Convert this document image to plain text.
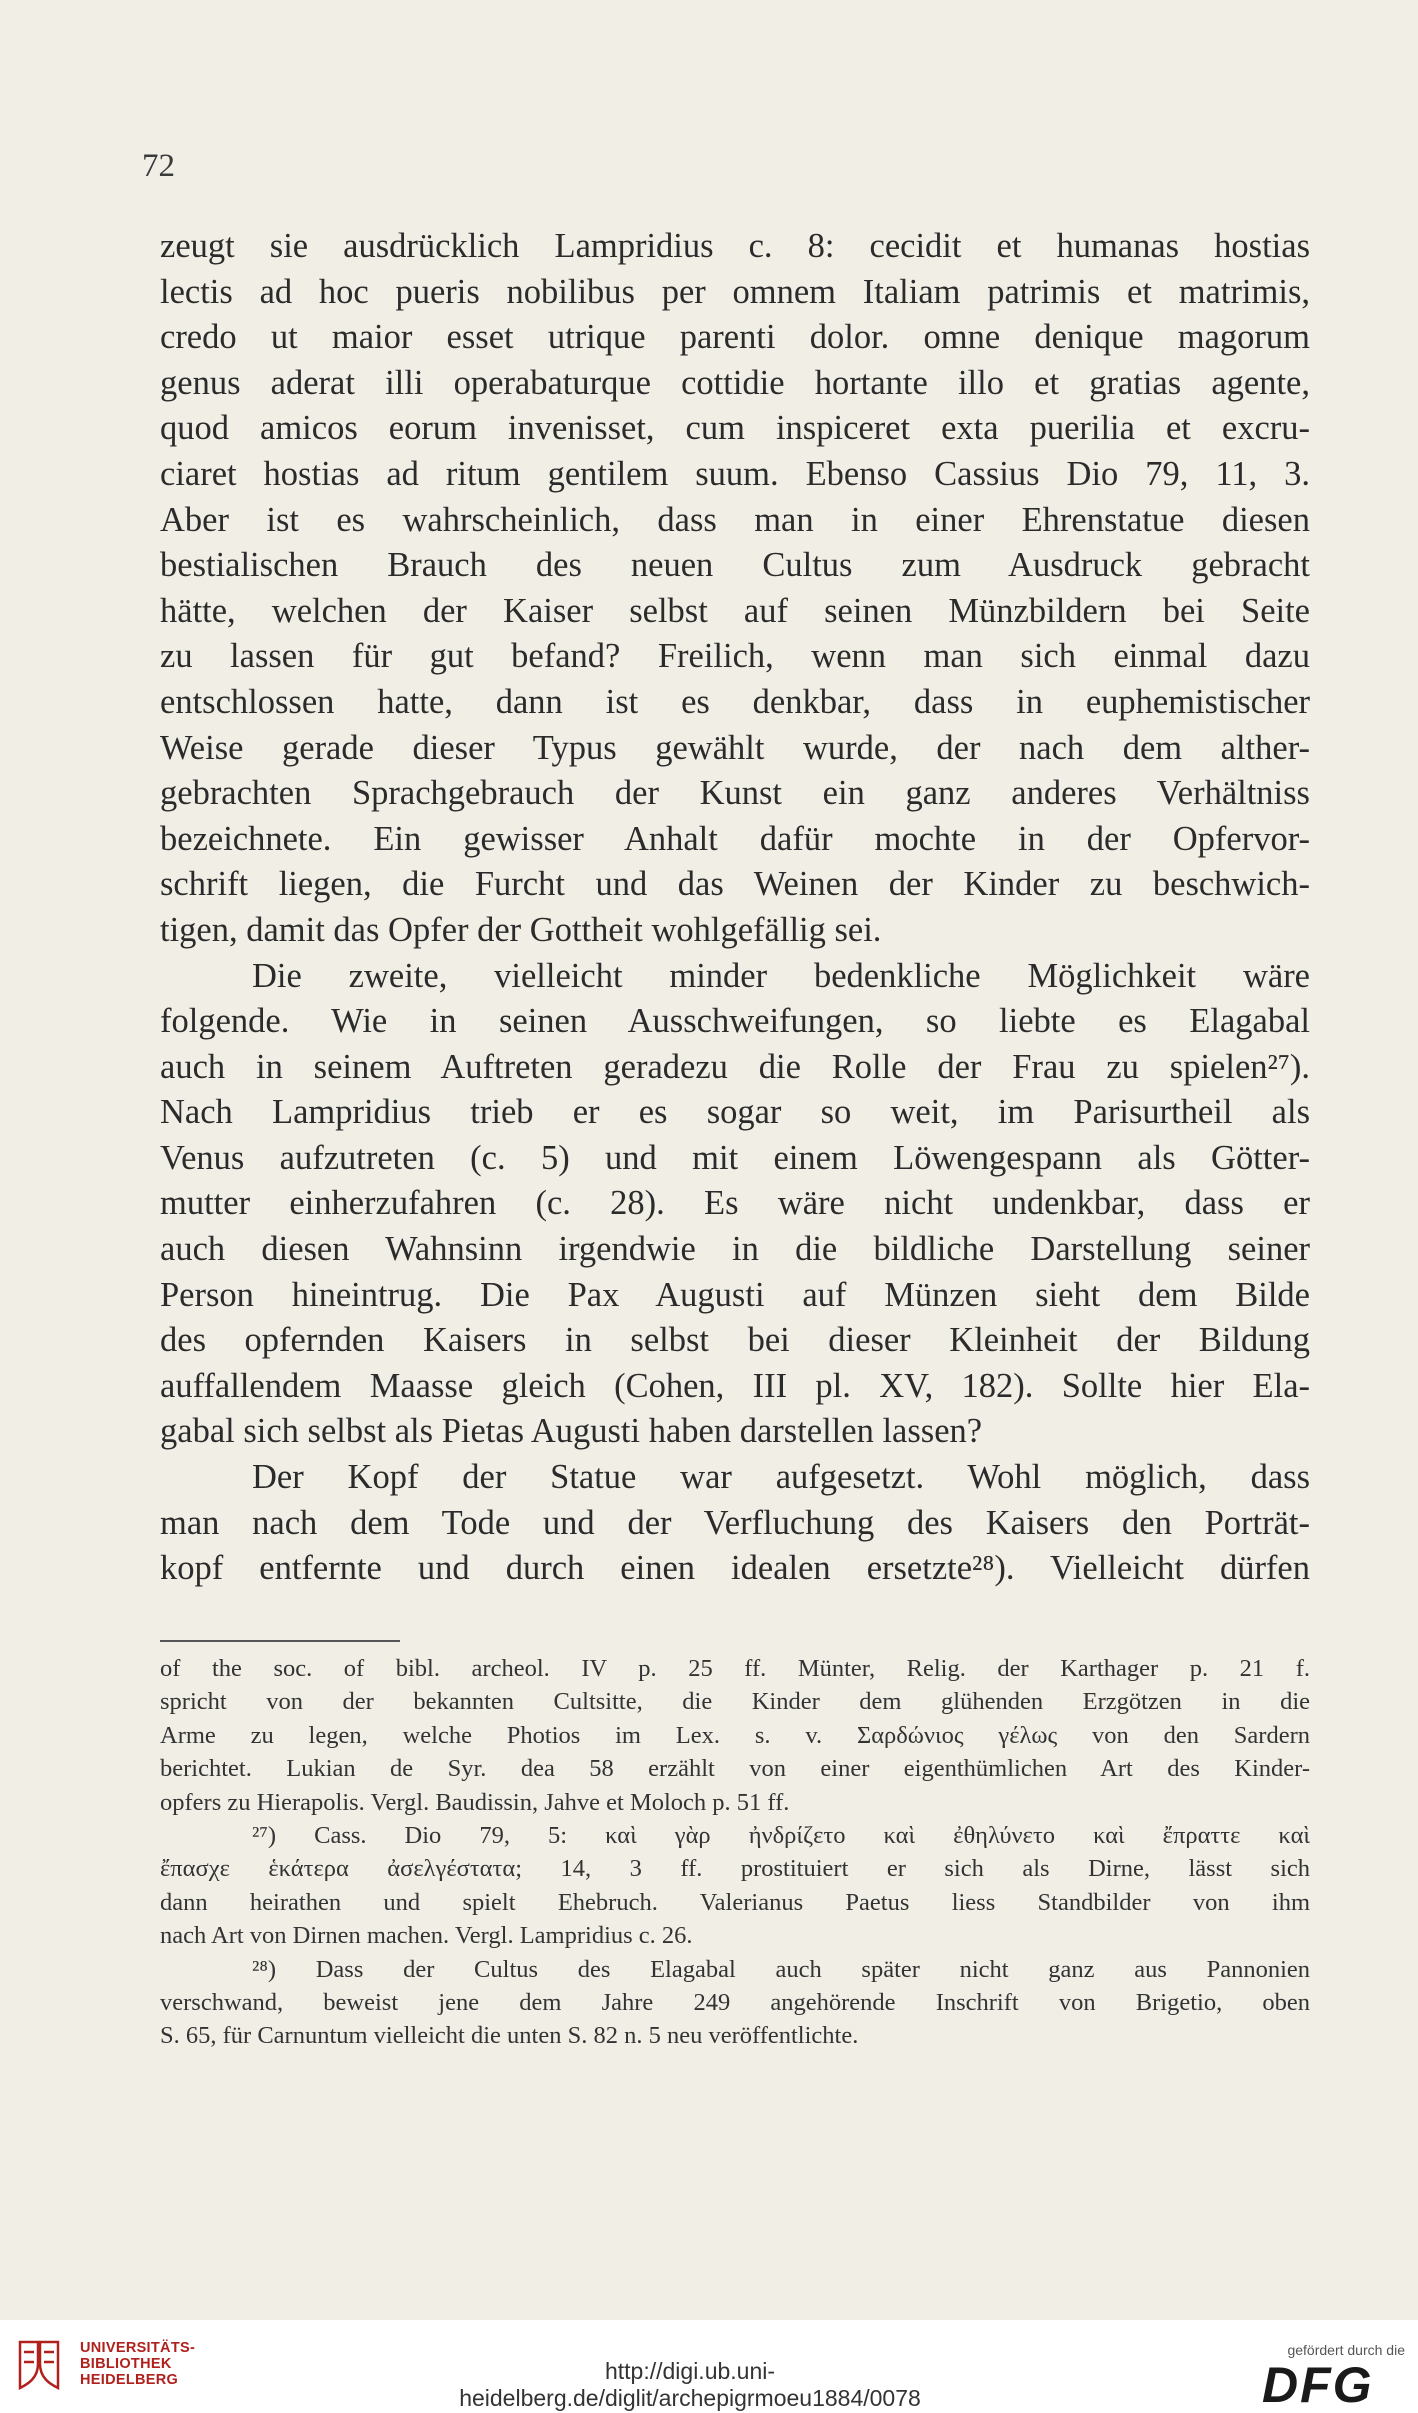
72
zeugt sie ausdrücklich Lampridius c. 8: cecidit et humanas hostias
lectis ad hoc pueris nobilibus per omnem Italiam patrimis et matrimis,
credo ut maior esset utrique parenti dolor. omne denique magorum
genus aderat illi operabaturque cottidie hortante illo et gratias agente,
quod amicos eorum invenisset, cum inspiceret exta puerilia et excru-
ciaret hostias ad ritum gentilem suum. Ebenso Cassius Dio 79, 11, 3.
Aber ist es wahrscheinlich, dass man in einer Ehrenstatue diesen
bestialischen Brauch des neuen Cultus zum Ausdruck gebracht
hätte, welchen der Kaiser selbst auf seinen Münzbildern bei Seite
zu lassen für gut befand? Freilich, wenn man sich einmal dazu
entschlossen hatte, dann ist es denkbar, dass in euphemistischer
Weise gerade dieser Typus gewählt wurde, der nach dem alther-
gebrachten Sprachgebrauch der Kunst ein ganz anderes Verhältniss
bezeichnete. Ein gewisser Anhalt dafür mochte in der Opfervor-
schrift liegen, die Furcht und das Weinen der Kinder zu beschwich-
tigen, damit das Opfer der Gottheit wohlgefällig sei.
Die zweite, vielleicht minder bedenkliche Möglichkeit wäre
folgende. Wie in seinen Ausschweifungen, so liebte es Elagabal
auch in seinem Auftreten geradezu die Rolle der Frau zu spielen²⁷).
Nach Lampridius trieb er es sogar so weit, im Parisurtheil als
Venus aufzutreten (c. 5) und mit einem Löwengespann als Götter-
mutter einherzufahren (c. 28). Es wäre nicht undenkbar, dass er
auch diesen Wahnsinn irgendwie in die bildliche Darstellung seiner
Person hineintrug. Die Pax Augusti auf Münzen sieht dem Bilde
des opfernden Kaisers in selbst bei dieser Kleinheit der Bildung
auffallendem Maasse gleich (Cohen, III pl. XV, 182). Sollte hier Ela-
gabal sich selbst als Pietas Augusti haben darstellen lassen?
Der Kopf der Statue war aufgesetzt. Wohl möglich, dass
man nach dem Tode und der Verfluchung des Kaisers den Porträt-
kopf entfernte und durch einen idealen ersetzte²⁸). Vielleicht dürfen
of the soc. of bibl. archeol. IV p. 25 ff. Münter, Relig. der Karthager p. 21 f.
spricht von der bekannten Cultsitte, die Kinder dem glühenden Erzgötzen in die
Arme zu legen, welche Photios im Lex. s. v. Σαρδώνιος γέλως von den Sardern
berichtet. Lukian de Syr. dea 58 erzählt von einer eigenthümlichen Art des Kinder-
opfers zu Hierapolis. Vergl. Baudissin, Jahve et Moloch p. 51 ff.
²⁷) Cass. Dio 79, 5: καὶ γὰρ ἠνδρίζετο καὶ ἐθηλύνετο καὶ ἔπραττε καὶ
ἔπασχε ἑκάτερα ἀσελγέστατα; 14, 3 ff. prostituiert er sich als Dirne, lässt sich
dann heirathen und spielt Ehebruch. Valerianus Paetus liess Standbilder von ihm
nach Art von Dirnen machen. Vergl. Lampridius c. 26.
²⁸) Dass der Cultus des Elagabal auch später nicht ganz aus Pannonien
verschwand, beweist jene dem Jahre 249 angehörende Inschrift von Brigetio, oben
S. 65, für Carnuntum vielleicht die unten S. 82 n. 5 neu veröffentlichte.
UNIVERSITÄTS-
BIBLIOTHEK
HEIDELBERG	http://digi.ub.uni-heidelberg.de/diglit/archepigrmoeu1884/0078
gefördert durch die
DFG
